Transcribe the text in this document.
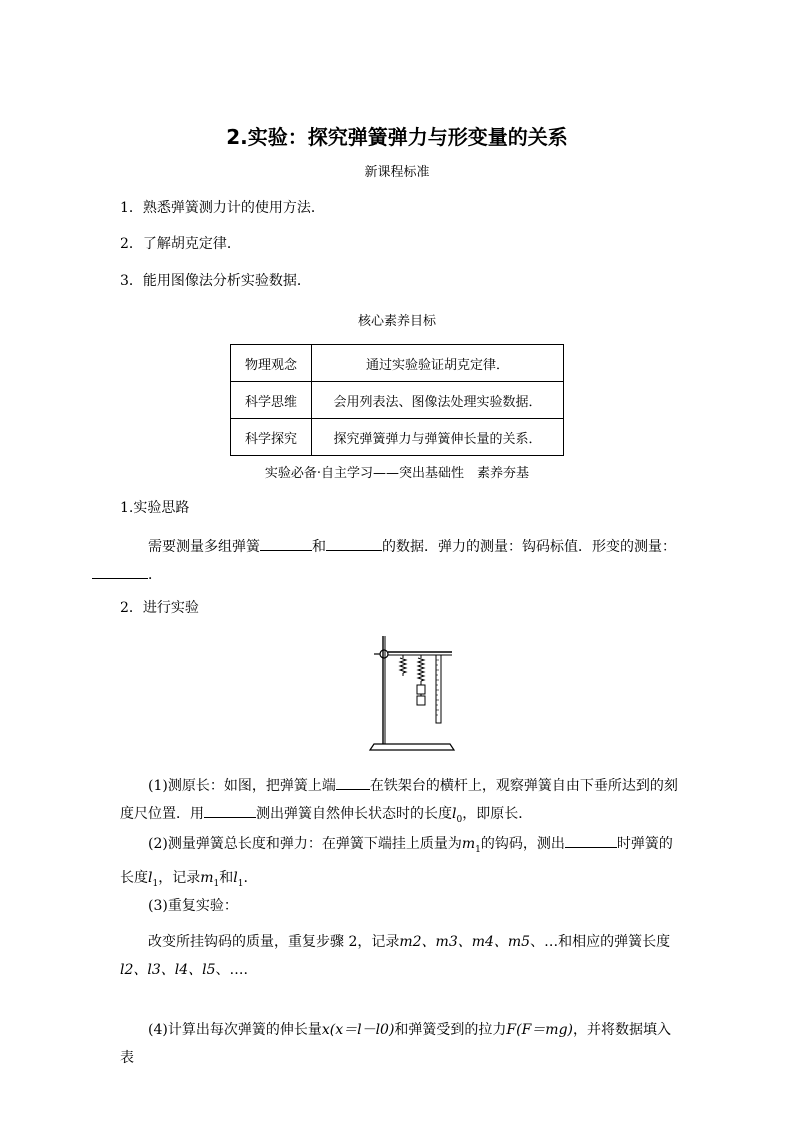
2.实验：探究弹簧弹力与形变量的关系
新课程标准
1．熟悉弹簧测力计的使用方法．
2．了解胡克定律．
3．能用图像法分析实验数据．
核心素养目标
物理观念	通过实验验证胡克定律．
科学思维	会用列表法、图像法处理实验数据．
科学探究	探究弹簧弹力与弹簧伸长量的关系．
实验必备·自主学习——突出基础性　素养夯基
1.实验思路
需要测量多组弹簧	和	的数据．弹力的测量：钩码标值．形变的测量：
．
2．进行实验
(1)测原长：如图，把弹簧上端 在铁架台的横杆上，观察弹簧自由下垂所达到的刻度尺位置．用	测出弹簧自然伸长状态时的长度$l_0$，即原长．
(2)测量弹簧总长度和弹力：在弹簧下端挂上质量为$m_1$的钩码，测出	时弹簧的长度$l_1$，记录$m_1$和$l_1$.
(3)重复实验：
改变所挂钩码的质量，重复步骤 2，记录m2、m3、m4、m5、…和相应的弹簧长度l2、l3、l4、l5、….
(4)计算出每次弹簧的伸长量x(x＝l－l0)和弹簧受到的拉力F(F＝mg)，并将数据填入表
